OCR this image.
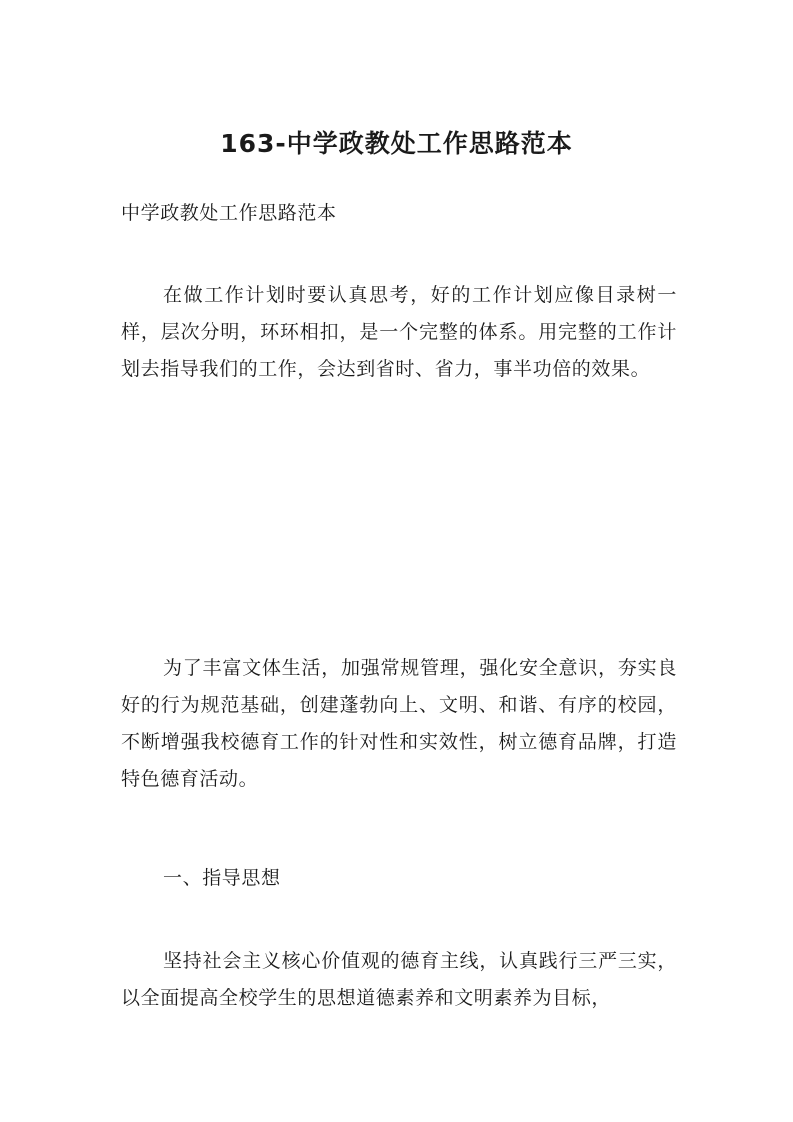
163-中学政教处工作思路范本
中学政教处工作思路范本
在做工作计划时要认真思考，好的工作计划应像目录树一样，层次分明，环环相扣，是一个完整的体系。用完整的工作计划去指导我们的工作，会达到省时、省力，事半功倍的效果。
为了丰富文体生活，加强常规管理，强化安全意识，夯实良好的行为规范基础，创建蓬勃向上、文明、和谐、有序的校园，不断增强我校德育工作的针对性和实效性，树立德育品牌，打造特色德育活动。
一、指导思想
坚持社会主义核心价值观的德育主线，认真践行三严三实，以全面提高全校学生的思想道德素养和文明素养为目标，
